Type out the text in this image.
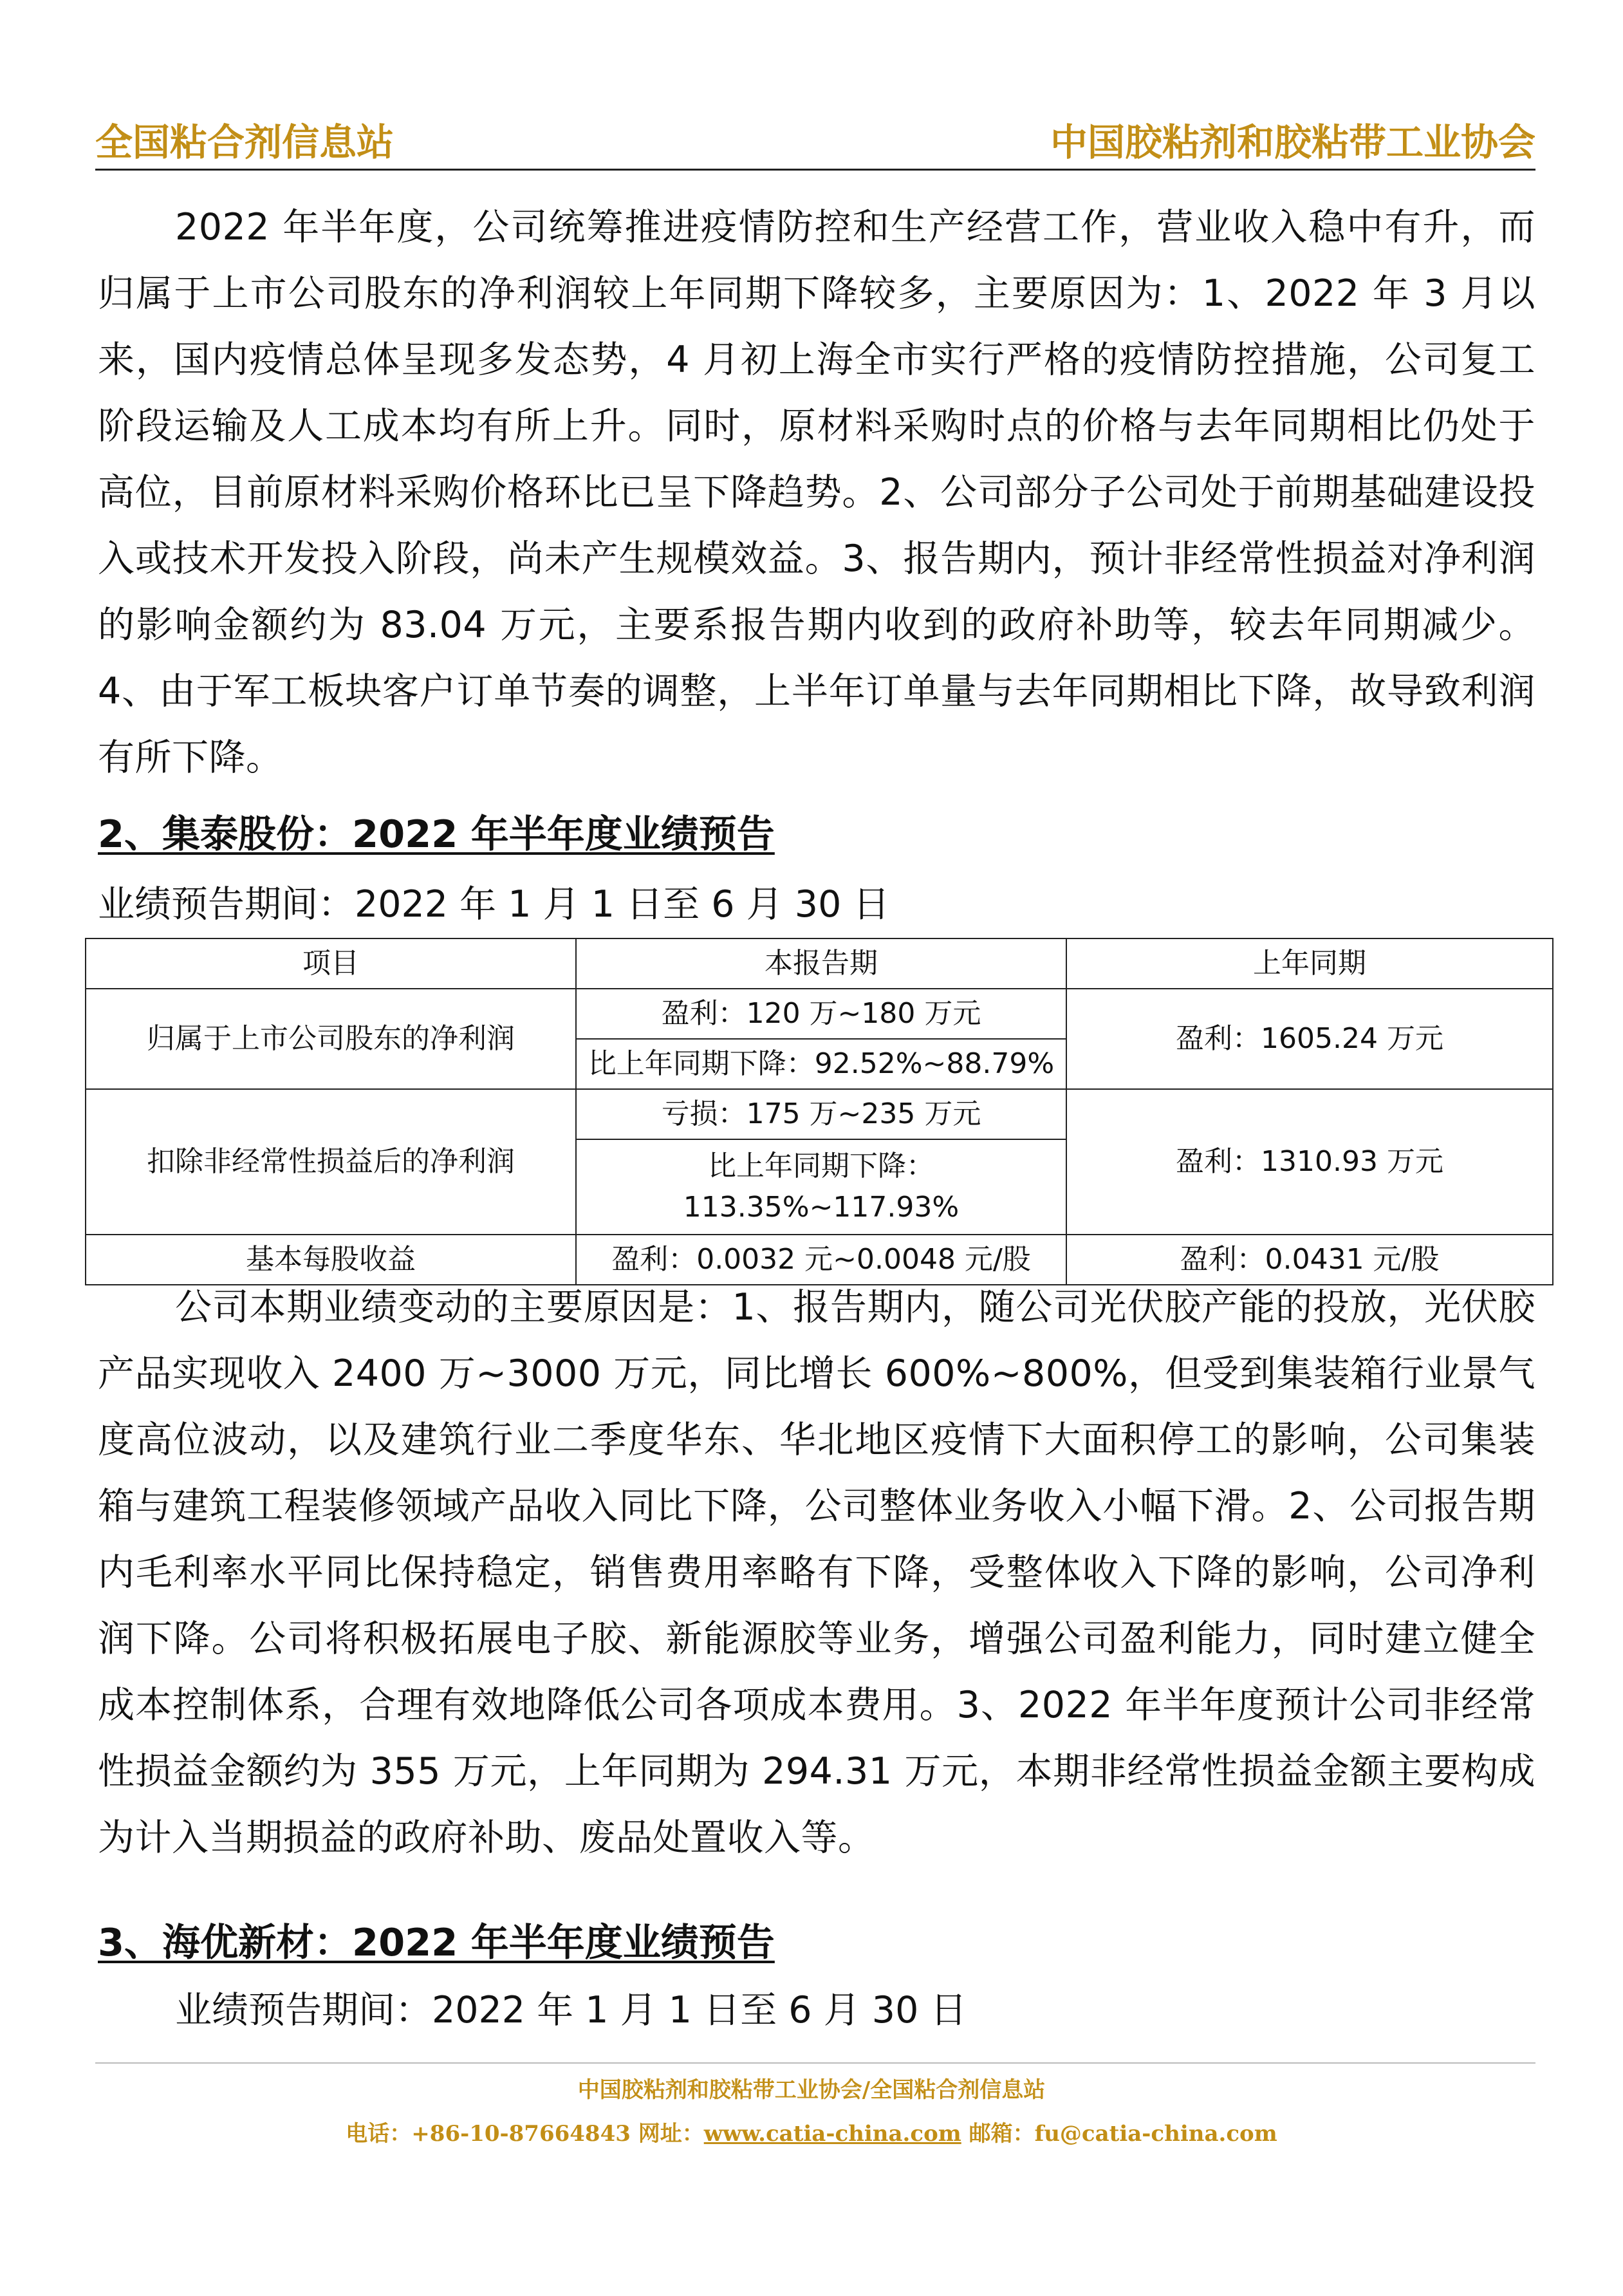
全国粘合剂信息站	中国胶粘剂和胶粘带工业协会

2022 年半年度，公司统筹推进疫情防控和生产经营工作，营业收入稳中有升，而归属于上市公司股东的净利润较上年同期下降较多，主要原因为：1、2022 年 3 月以来，国内疫情总体呈现多发态势，4 月初上海全市实行严格的疫情防控措施，公司复工阶段运输及人工成本均有所上升。同时，原材料采购时点的价格与去年同期相比仍处于高位，目前原材料采购价格环比已呈下降趋势。2、公司部分子公司处于前期基础建设投入或技术开发投入阶段，尚未产生规模效益。3、报告期内，预计非经常性损益对净利润的影响金额约为 83.04 万元，主要系报告期内收到的政府补助等，较去年同期减少。4、由于军工板块客户订单节奏的调整，上半年订单量与去年同期相比下降，故导致利润有所下降。

2、集泰股份：2022 年半年度业绩预告

业绩预告期间：2022 年 1 月 1 日至 6 月 30 日

项目	本报告期	上年同期
归属于上市公司股东的净利润	盈利：120 万~180 万元	盈利：1605.24 万元
	比上年同期下降：92.52%~88.79%	
扣除非经常性损益后的净利润	亏损：175 万~235 万元	盈利：1310.93 万元

	比上年同期下降：
113.35%~117.93%	

基本每股收益	盈利：0.0032 元~0.0048 元/股	盈利：0.0431 元/股

公司本期业绩变动的主要原因是：1、报告期内，随公司光伏胶产能的投放，光伏胶产品实现收入 2400 万~3000 万元，同比增长 600%~800%，但受到集装箱行业景气度高位波动，以及建筑行业二季度华东、华北地区疫情下大面积停工的影响，公司集装箱与建筑工程装修领域产品收入同比下降，公司整体业务收入小幅下滑。2、公司报告期内毛利率水平同比保持稳定，销售费用率略有下降，受整体收入下降的影响，公司净利润下降。公司将积极拓展电子胶、新能源胶等业务，增强公司盈利能力，同时建立健全成本控制体系，合理有效地降低公司各项成本费用。3、2022 年半年度预计公司非经常性损益金额约为 355 万元，上年同期为 294.31 万元，本期非经常性损益金额主要构成为计入当期损益的政府补助、废品处置收入等。

3、海优新材：2022 年半年度业绩预告

业绩预告期间：2022 年 1 月 1 日至 6 月 30 日

中国胶粘剂和胶粘带工业协会/全国粘合剂信息站
电话：+86-10-87664843 网址：www.catia-china.com 邮箱：fu@catia-china.com
